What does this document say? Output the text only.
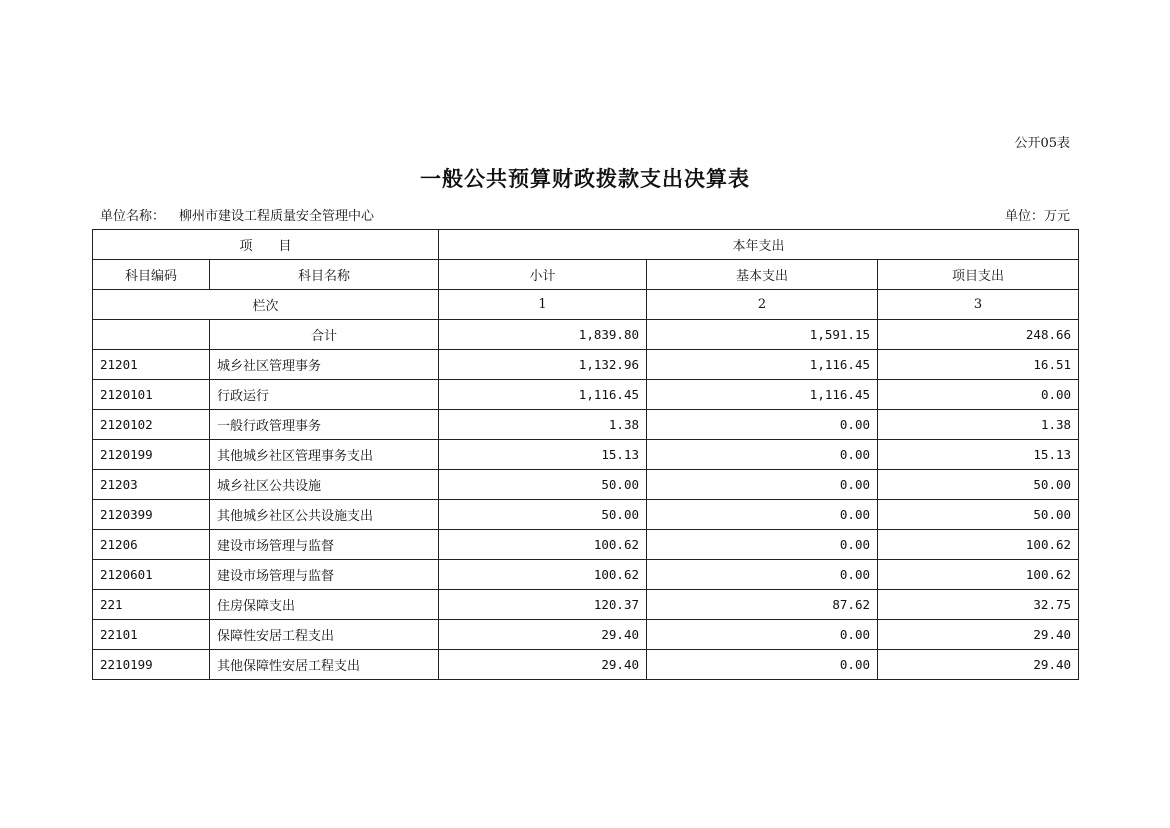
公开05表
一般公共预算财政拨款支出决算表
单位名称： 柳州市建设工程质量安全管理中心	单位：万元
项　　目		本年支出		
科目编码	科目名称	小计	基本支出	项目支出
栏次		1	2	3
	合计	1,839.80	1,591.15	248.66
21201	城乡社区管理事务	1,132.96	1,116.45	16.51
2120101	行政运行	1,116.45	1,116.45	0.00
2120102	一般行政管理事务	1.38	0.00	1.38
2120199	其他城乡社区管理事务支出	15.13	0.00	15.13
21203	城乡社区公共设施	50.00	0.00	50.00
2120399	其他城乡社区公共设施支出	50.00	0.00	50.00
21206	建设市场管理与监督	100.62	0.00	100.62
2120601	建设市场管理与监督	100.62	0.00	100.62
221	住房保障支出	120.37	87.62	32.75
22101	保障性安居工程支出	29.40	0.00	29.40
2210199	其他保障性安居工程支出	29.40	0.00	29.40
